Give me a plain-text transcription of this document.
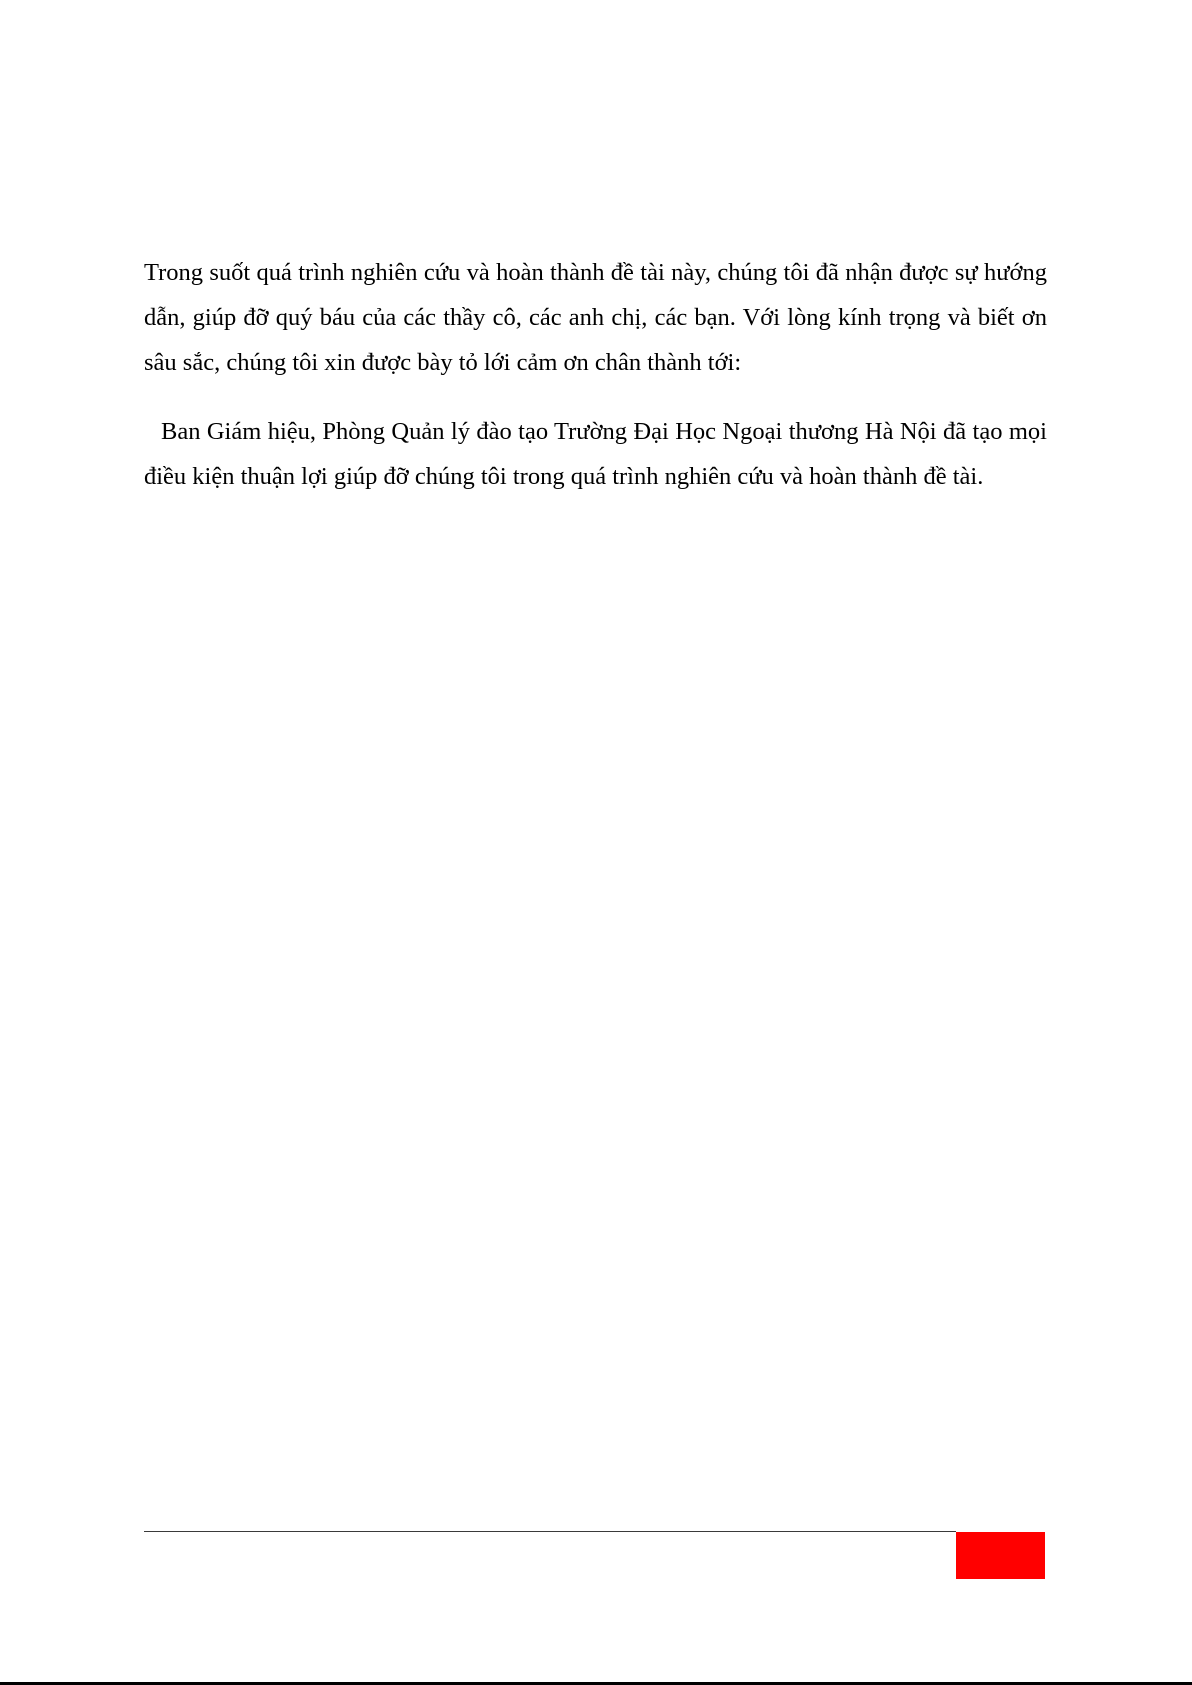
Trong suốt quá trình nghiên cứu và hoàn thành đề tài này, chúng tôi đã nhận được sự hướng dẫn, giúp đỡ quý báu của các thầy cô, các anh chị, các bạn. Với lòng kính trọng và biết ơn sâu sắc, chúng tôi xin được bày tỏ lới cảm ơn chân thành tới:

Ban Giám hiệu, Phòng Quản lý đào tạo Trường Đại Học Ngoại thương Hà Nội đã tạo mọi điều kiện thuận lợi giúp đỡ chúng tôi trong quá trình nghiên cứu và hoàn thành đề tài.
